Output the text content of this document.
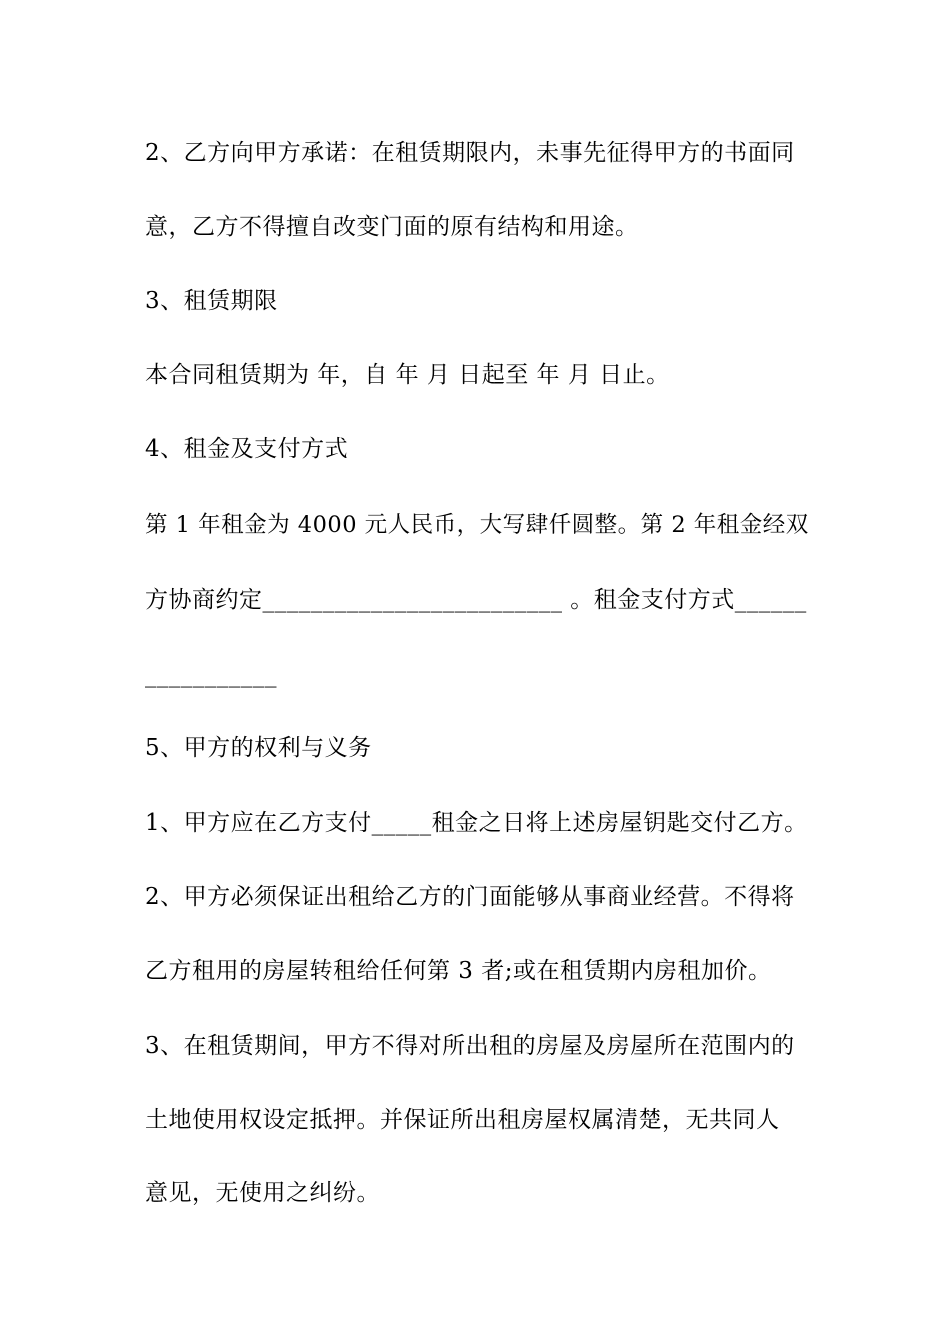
2、乙方向甲方承诺：在租赁期限内，未事先征得甲方的书面同
意，乙方不得擅自改变门面的原有结构和用途。
3、租赁期限
本合同租赁期为 年，自 年 月 日起至 年 月 日止。
4、租金及支付方式
第 1 年租金为 4000 元人民币，大写肆仟圆整。第 2 年租金经双
方协商约定_________________________ 。租金支付方式______
___________
5、甲方的权利与义务
1、甲方应在乙方支付_____租金之日将上述房屋钥匙交付乙方。
2、甲方必须保证出租给乙方的门面能够从事商业经营。不得将
乙方租用的房屋转租给任何第 3 者;或在租赁期内房租加价。
3、在租赁期间，甲方不得对所出租的房屋及房屋所在范围内的
土地使用权设定抵押。并保证所出租房屋权属清楚，无共同人
意见，无使用之纠纷。
